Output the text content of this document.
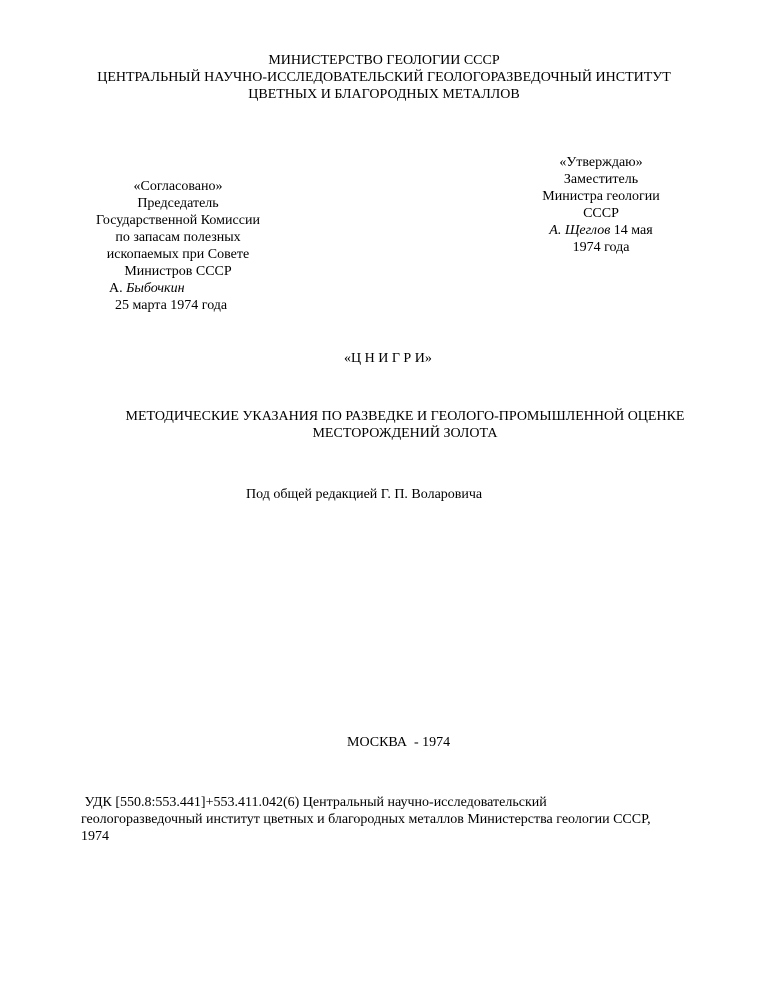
МИНИСТЕРСТВО ГЕОЛОГИИ СССР
ЦЕНТРАЛЬНЫЙ НАУЧНО-ИССЛЕДОВАТЕЛЬСКИЙ ГЕОЛОГОРАЗВЕДОЧНЫЙ ИНСТИТУТ
ЦВЕТНЫХ И БЛАГОРОДНЫХ МЕТАЛЛОВ
«Утверждаю»
Заместитель
Министра геологии
СССР
А. Щеглов 14 мая
1974 года
«Согласовано»
Председатель
Государственной Комиссии
по запасам полезных
ископаемых при Совете
Министров СССР
А. Быбочкин
25 марта 1974 года
«Ц Н И Г Р И»
МЕТОДИЧЕСКИЕ УКАЗАНИЯ ПО РАЗВЕДКЕ И ГЕОЛОГО-ПРОМЫШЛЕННОЙ ОЦЕНКЕ
МЕСТОРОЖДЕНИЙ ЗОЛОТА
Под общей редакцией Г. П. Воларовича
МОСКВА  - 1974
УДК [550.8:553.441]+553.411.042(6) Центральный научно-исследовательский
геологоразведочный институт цветных и благородных металлов Министерства геологии СССР,
1974
